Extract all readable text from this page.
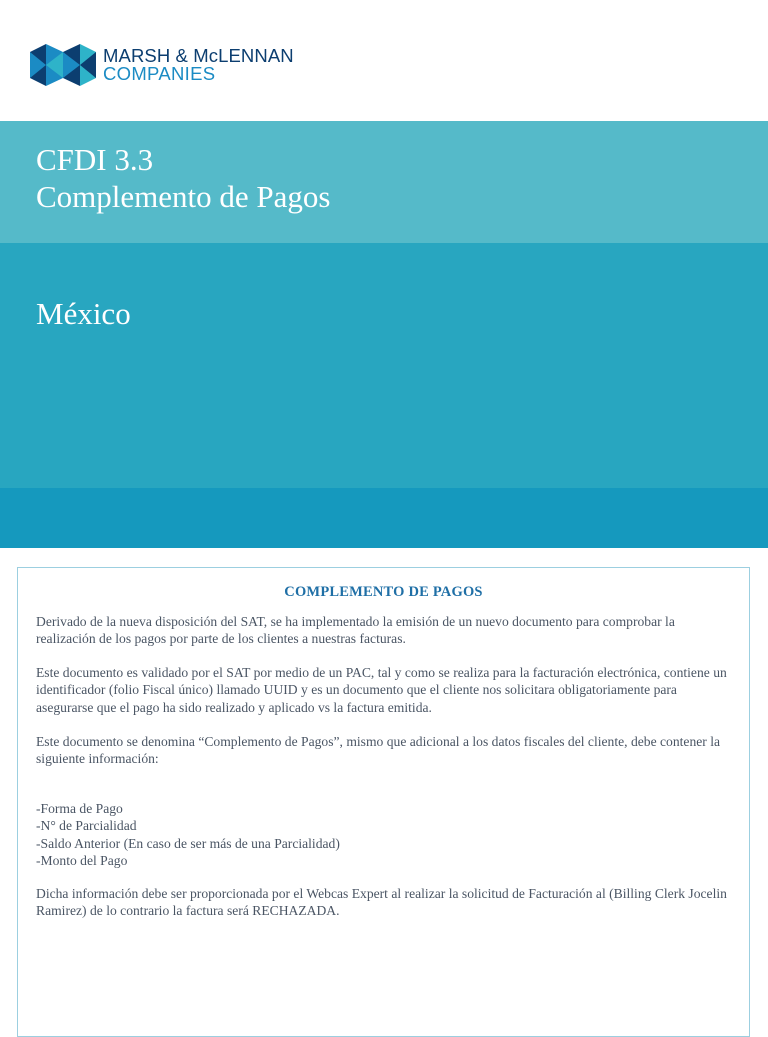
MARSH & McLENNAN
COMPANIES
CFDI 3.3
Complemento de Pagos
México
COMPLEMENTO DE PAGOS

Derivado de la nueva disposición del SAT, se ha implementado la emisión de un nuevo documento para comprobar la realización de los pagos por parte de los clientes a nuestras facturas.

Este documento es validado por el SAT por medio de un PAC, tal y como se realiza para la facturación electrónica, contiene un identificador (folio Fiscal único) llamado UUID y es un documento que el cliente nos solicitara obligatoriamente para asegurarse que el pago ha sido realizado y aplicado vs la factura emitida.

Este documento se denomina “Complemento de Pagos”, mismo que adicional a los datos fiscales del cliente, debe contener la siguiente información:

-Forma de Pago
-N° de Parcialidad
-Saldo Anterior (En caso de ser más de una Parcialidad)
-Monto del Pago

Dicha información debe ser proporcionada por el Webcas Expert al realizar la solicitud de Facturación al (Billing Clerk Jocelin Ramirez) de lo contrario la factura será RECHAZADA.
